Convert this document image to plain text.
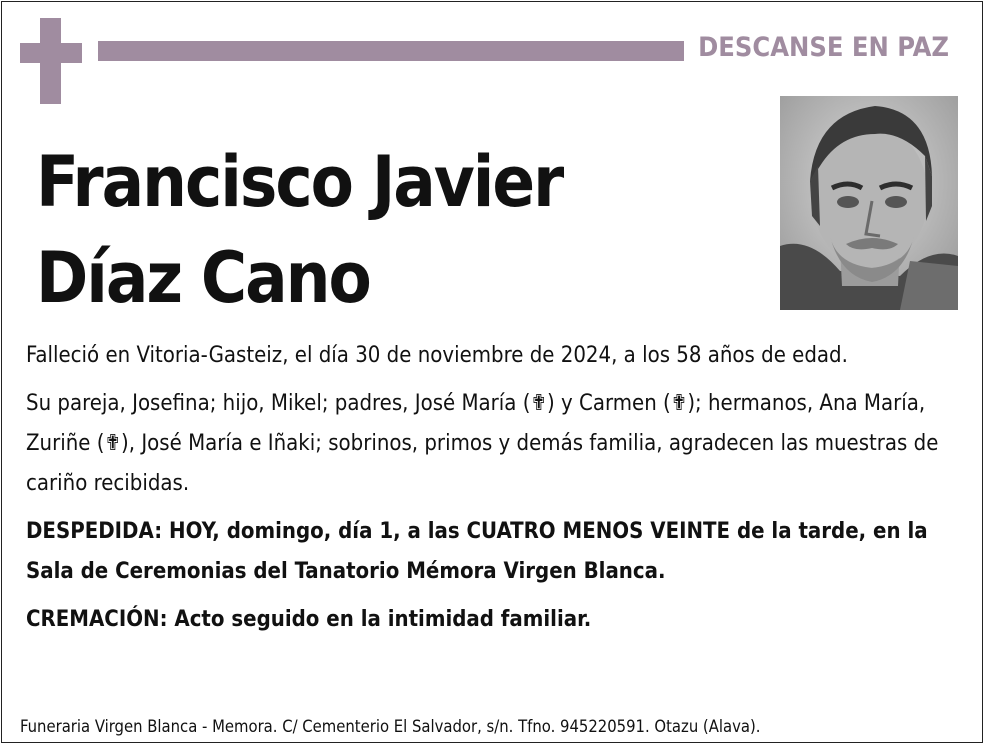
DESCANSE EN PAZ
Francisco Javier
Díaz Cano

Falleció en Vitoria-Gasteiz, el día 30 de noviembre de 2024, a los 58 años de edad.

Su pareja, Josefina; hijo, Mikel; padres, José María (✟) y Carmen (✟); hermanos, Ana María, Zuriñe (✟), José María e Iñaki; sobrinos, primos y demás familia, agradecen las muestras de cariño recibidas.

DESPEDIDA: HOY, domingo, día 1, a las CUATRO MENOS VEINTE de la tarde, en la Sala de Ceremonias del Tanatorio Mémora Virgen Blanca.

CREMACIÓN: Acto seguido en la intimidad familiar.

Funeraria Virgen Blanca - Memora. C/ Cementerio El Salvador, s/n. Tfno. 945220591. Otazu (Alava).
